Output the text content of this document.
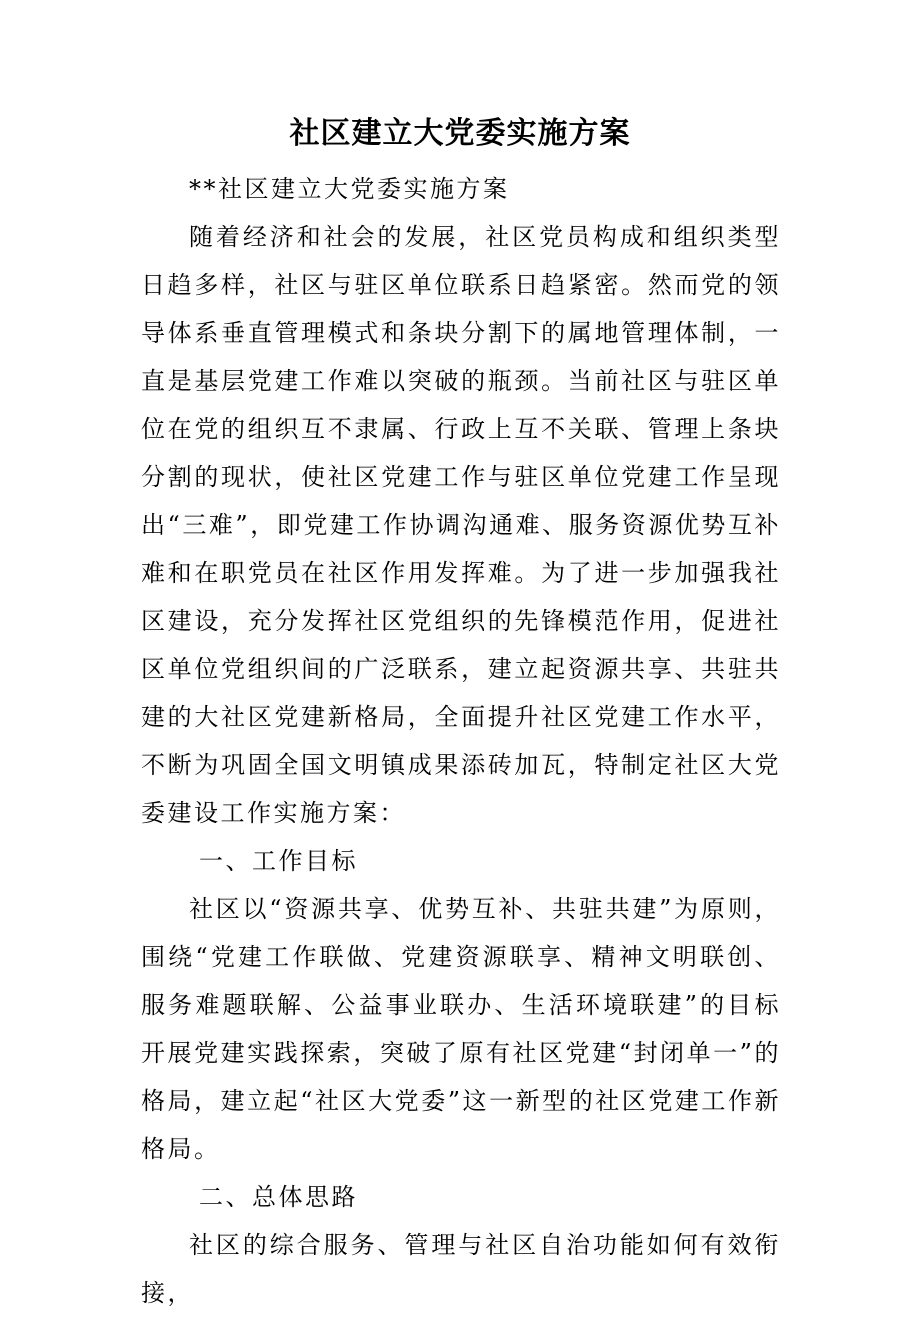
社区建立大党委实施方案

**社区建立大党委实施方案

随着经济和社会的发展，社区党员构成和组织类型日趋多样，社区与驻区单位联系日趋紧密。然而党的领导体系垂直管理模式和条块分割下的属地管理体制，一直是基层党建工作难以突破的瓶颈。当前社区与驻区单位在党的组织互不隶属、行政上互不关联、管理上条块分割的现状，使社区党建工作与驻区单位党建工作呈现出“三难”，即党建工作协调沟通难、服务资源优势互补难和在职党员在社区作用发挥难。为了进一步加强我社区建设，充分发挥社区党组织的先锋模范作用，促进社区单位党组织间的广泛联系，建立起资源共享、共驻共建的大社区党建新格局，全面提升社区党建工作水平，不断为巩固全国文明镇成果添砖加瓦，特制定社区大党委建设工作实施方案：

一、工作目标

社区以“资源共享、优势互补、共驻共建”为原则，围绕“党建工作联做、党建资源联享、精神文明联创、服务难题联解、公益事业联办、生活环境联建”的目标开展党建实践探索，突破了原有社区党建“封闭单一”的格局，建立起“社区大党委”这一新型的社区党建工作新格局。

二、总体思路

社区的综合服务、管理与社区自治功能如何有效衔接，
